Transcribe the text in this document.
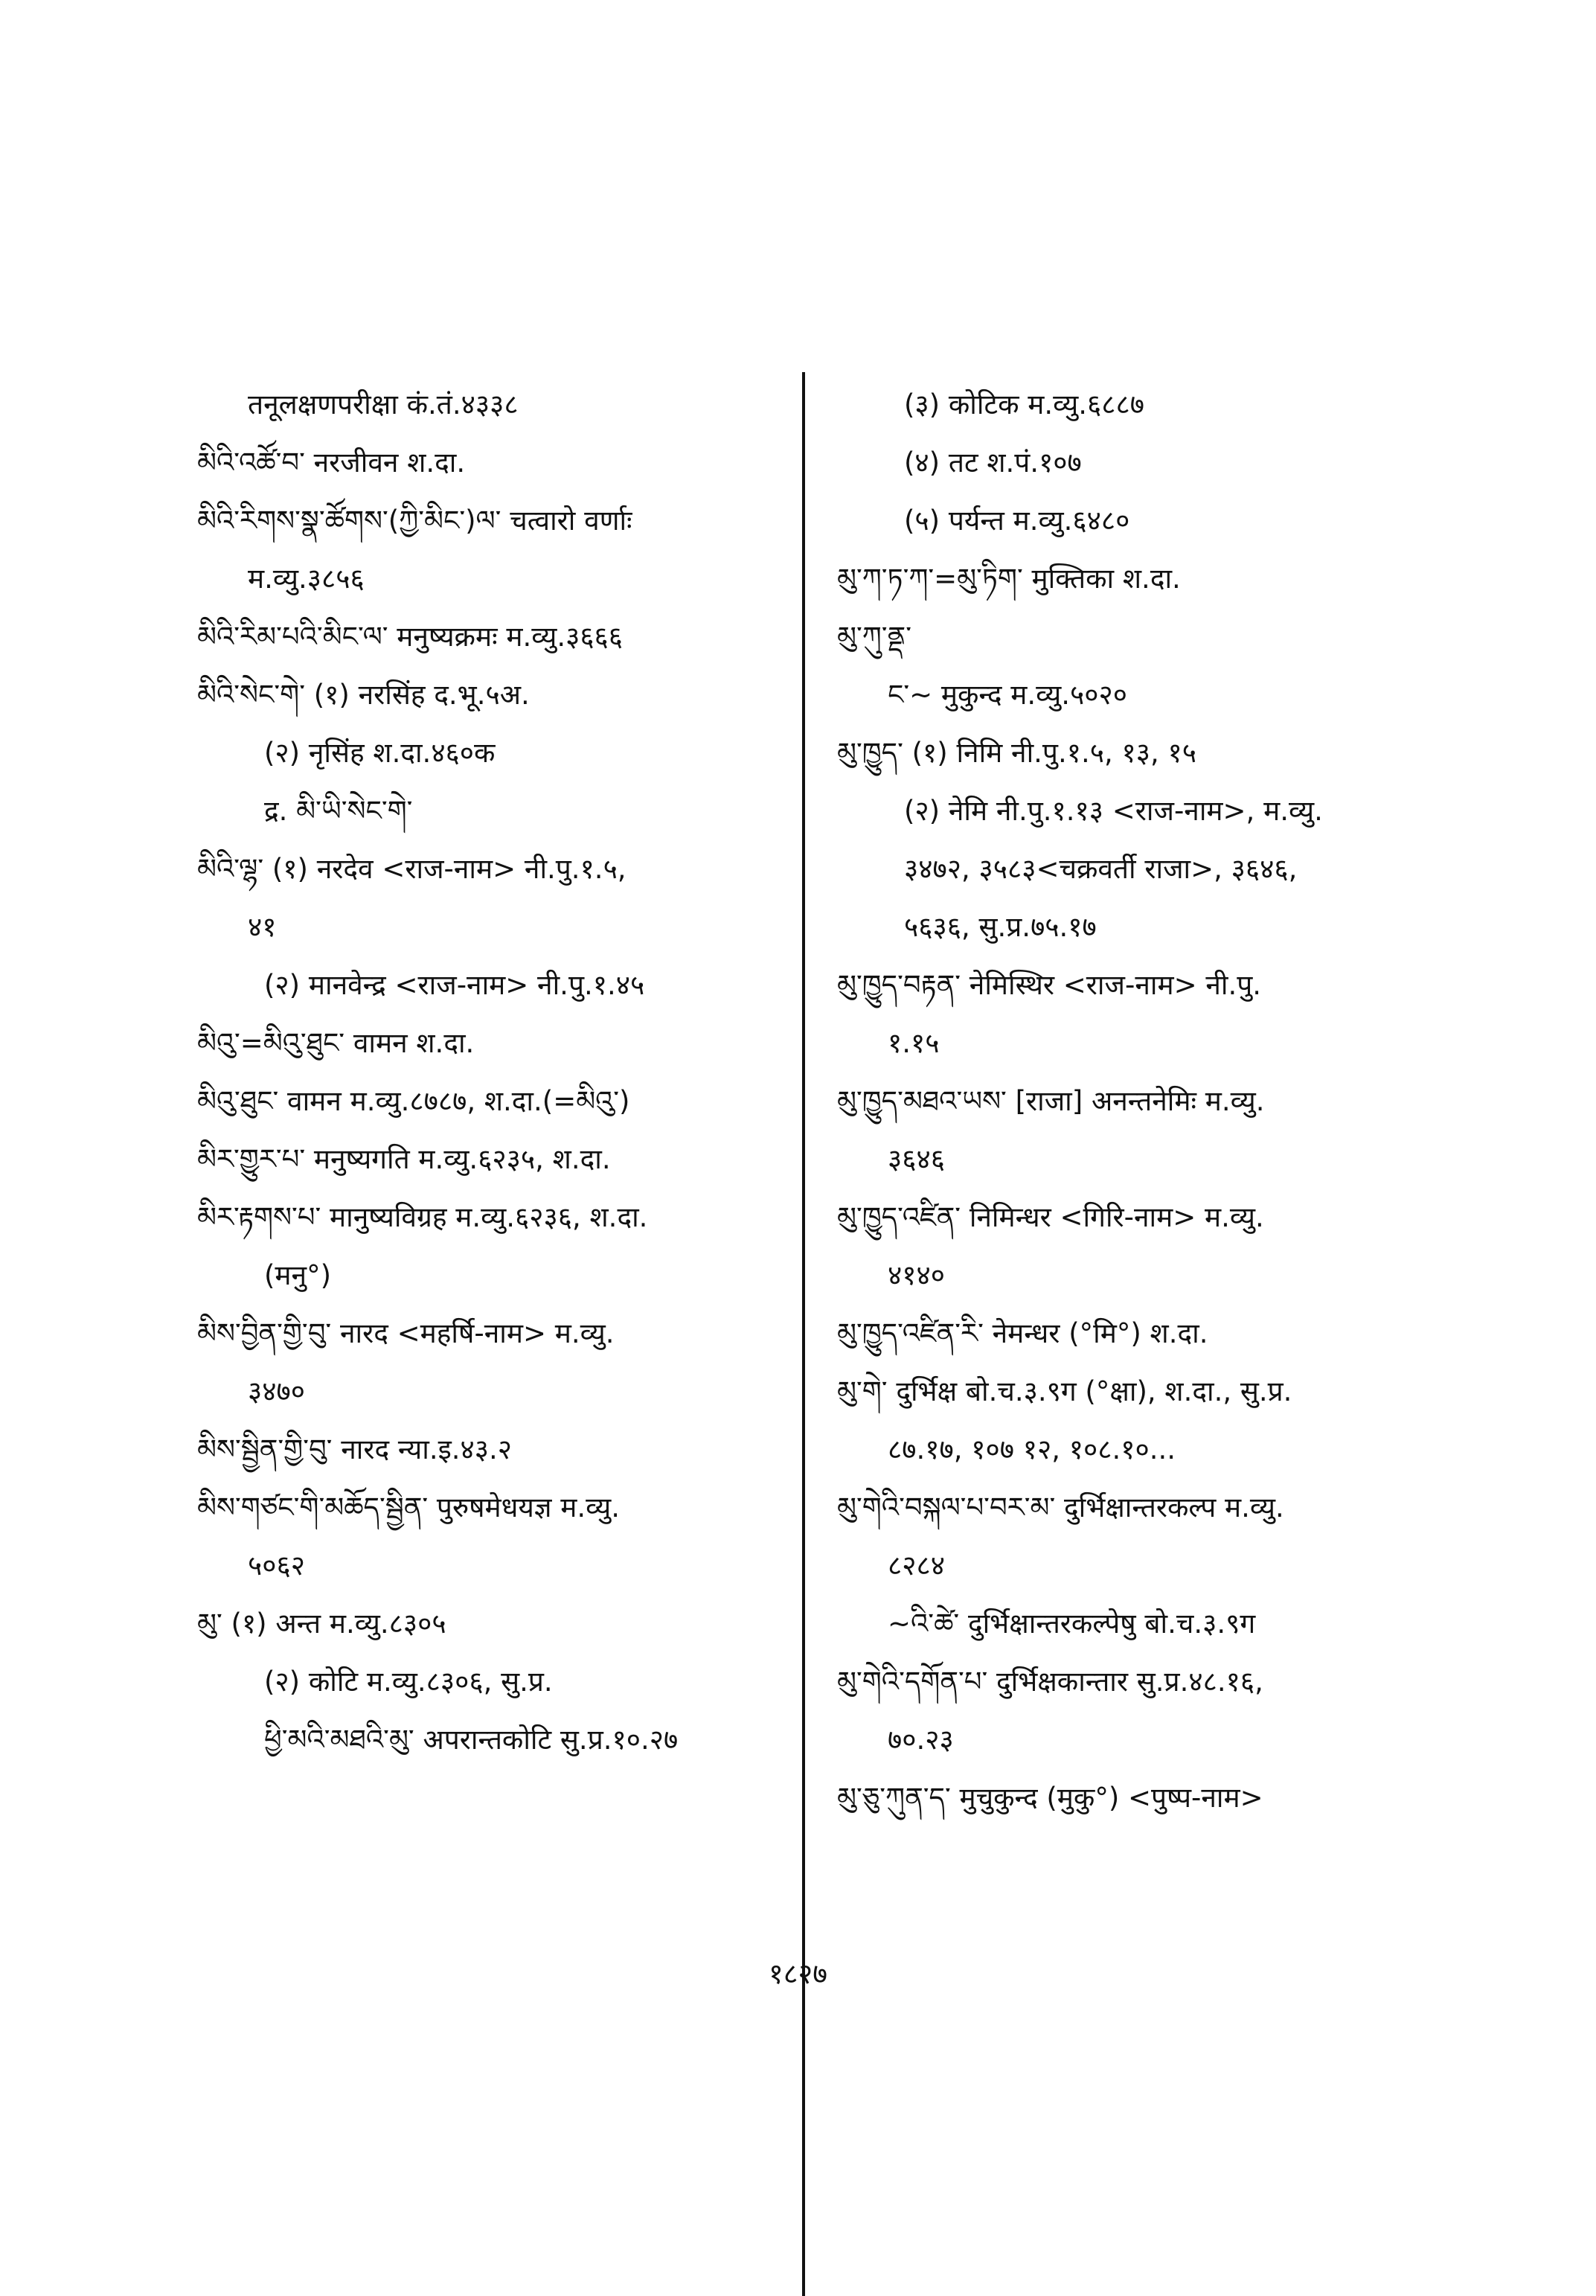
तनूलक्षणपरीक्षा कं.तं.४३३८
མིའི་འཚོ་བ་ नरजीवन श.दा.
མིའི་རིགས་སྣ་ཚོགས་(ཀྱི་མིང་)ལ་ चत्वारो वर्णाः
म.व्यु.३८५६
མིའི་རིམ་པའི་མིང་ལ་ मनुष्यक्रमः म.व्यु.३६६६
མིའི་སེང་གེ་ (१) नरसिंह द.भू.५अ.
(२) नृसिंह श.दा.४६०क
द्र. མི་ཡི་སེང་གེ་
མིའི་ལྷ་ (१) नरदेव <राज-नाम> नी.पु.१.५,
४१
(२) मानवेन्द्र <राज-नाम> नी.पु.१.४५
མིའུ་=མིའུ་ཐུང་ वामन श.दा.
མིའུ་ཐུང་ वामन म.व्यु.८७८७, श.दा.(=མིའུ་)
མིར་གྱུར་པ་ मनुष्यगति म.व्यु.६२३५, श.दा.
མིར་རྟགས་པ་ मानुष्यविग्रह म.व्यु.६२३६, श.दा.
(मनु°)
མིས་བྱིན་གྱི་བུ་ नारद <महर्षि-नाम> म.व्यु.
३४७०
མིས་སྦྱིན་གྱི་བུ་ नारद न्या.इ.४३.२
མིས་གཙང་གི་མཆོད་སྦྱིན་ पुरुषमेधयज्ञ म.व्यु.
५०६२
མུ་ (१) अन्त म.व्यु.८३०५
(२) कोटि म.व्यु.८३०६, सु.प्र.
ཕྱི་མའི་མཐའི་མུ་ अपरान्तकोटि सु.प्र.१०.२७
(३) कोटिक म.व्यु.६८८७
(४) तट श.पं.१०७
(५) पर्यन्त म.व्यु.६४८०
མུ་ཀ་ཏ་ཀ་=མུ་ཏིག་ मुक्तिका श.दा.
མུ་ཀུ་ནྡ་
ང་~ मुकुन्द म.व्यु.५०२०
མུ་ཁྱུད་ (१) निमि नी.पु.१.५, १३, १५
(२) नेमि नी.पु.१.१३ <राज-नाम>, म.व्यु.
३४७२, ३५८३<चक्रवर्ती राजा>, ३६४६,
५६३६, सु.प्र.७५.१७
མུ་ཁྱུད་བརྟན་ नेमिस्थिर <राज-नाम> नी.पु.
१.१५
མུ་ཁྱུད་མཐའ་ཡས་ [राजा] अनन्तनेमिः म.व्यु.
३६४६
མུ་ཁྱུད་འཛིན་ निमिन्धर <गिरि-नाम> म.व्यु.
४१४०
མུ་ཁྱུད་འཛིན་རི་ नेमन्धर (°मि°) श.दा.
མུ་གེ་ दुर्भिक्ष बो.च.३.९ग (°क्षा), श.दा., सु.प्र.
८७.१७, १०७ १२, १०८.१०...
མུ་གེའི་བསྐལ་པ་བར་མ་ दुर्भिक्षान्तरकल्प म.व्यु.
८२८४
~འི་ཚེ་ दुर्भिक्षान्तरकल्पेषु बो.च.३.९ग
མུ་གེའི་དགོན་པ་ दुर्भिक्षकान्तार सु.प्र.४८.१६,
७०.२३
མུ་ཅུ་ཀུན་ད་ मुचुकुन्द (मुकु°) <पुष्प-नाम>
१८२७
